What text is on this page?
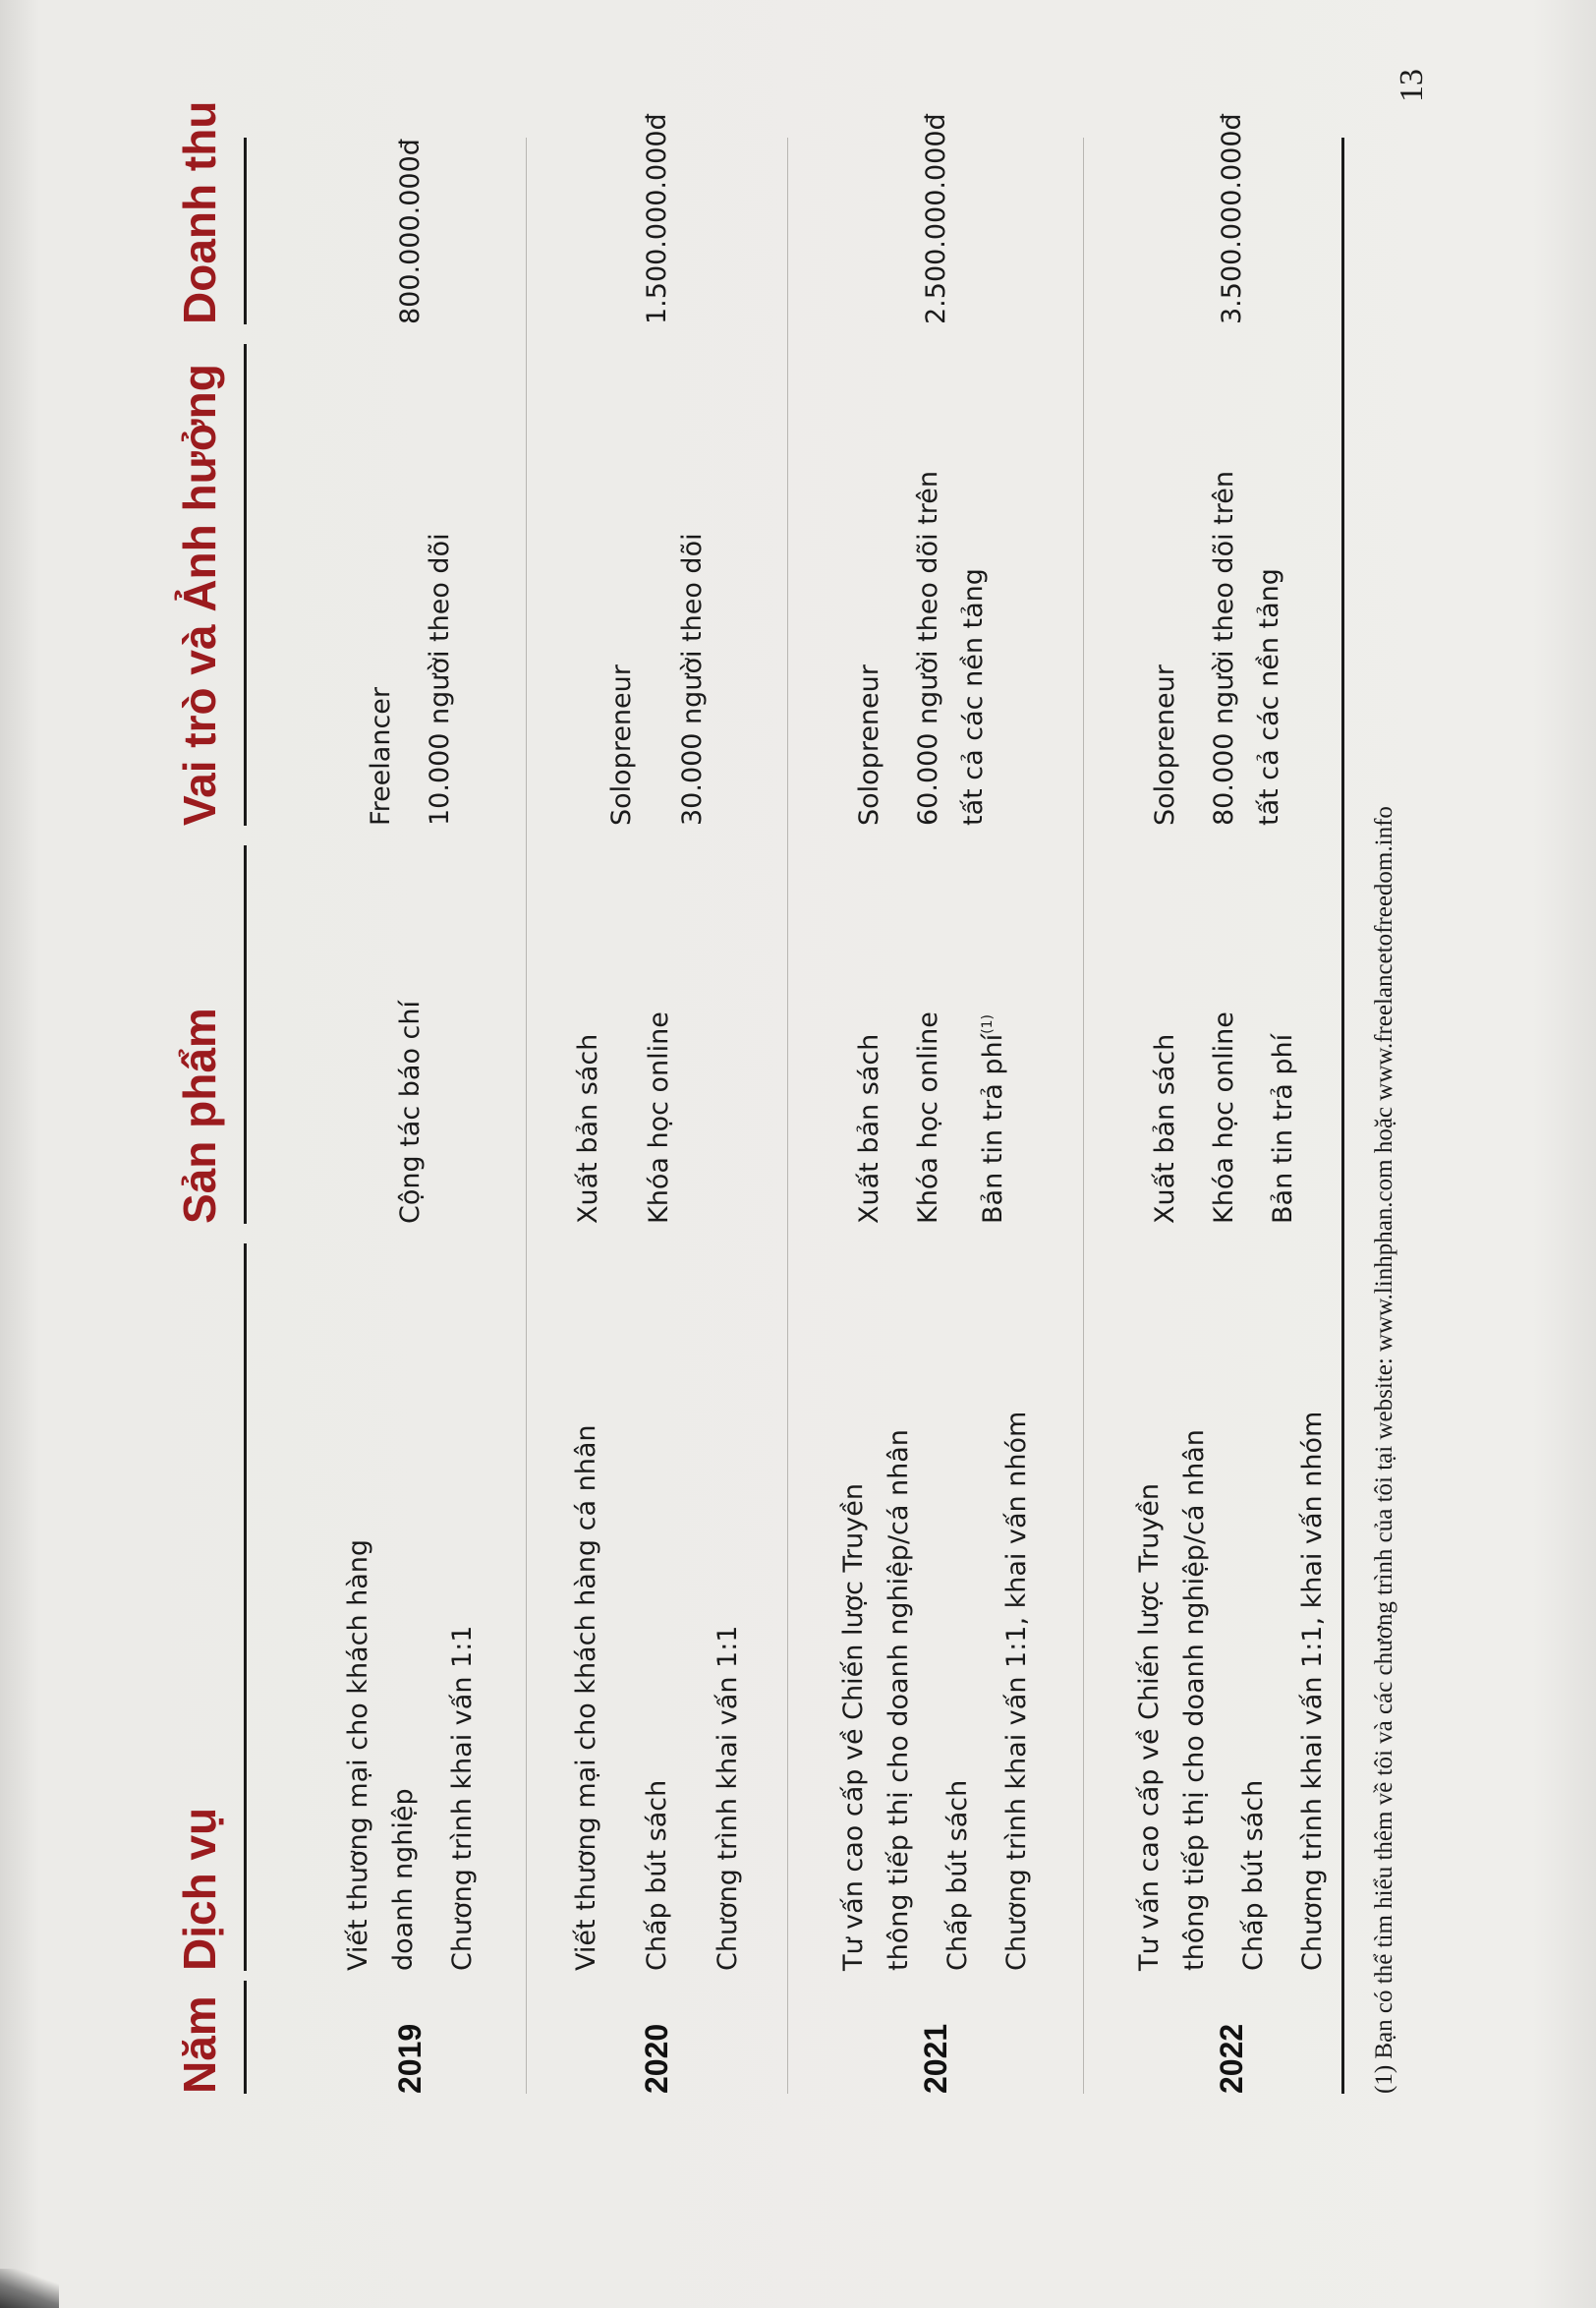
Năm
Dịch vụ
Sản phẩm
Vai trò và Ảnh hưởng
Doanh thu
2019
Viết thương mại cho khách hàng doanh nghiệp Chương trình khai vấn 1:1
Cộng tác báo chí
Freelancer 10.000 người theo dõi
800.000.000đ
2020
Viết thương mại cho khách hàng cá nhân Chấp bút sách Chương trình khai vấn 1:1
Xuất bản sách Khóa học online
Solopreneur 30.000 người theo dõi
1.500.000.000đ
2021
Tư vấn cao cấp về Chiến lược Truyền thông tiếp thị cho doanh nghiệp/cá nhân Chấp bút sách Chương trình khai vấn 1:1, khai vấn nhóm
Xuất bản sách Khóa học online	Bản tin trả phí$^{(1)}$
Solopreneur 60.000 người theo dõi trên tất cả các nền tảng
2.500.000.000đ
2022
Tư vấn cao cấp về Chiến lược Truyền thông tiếp thị cho doanh nghiệp/cá nhân Chấp bút sách Chương trình khai vấn 1:1, khai vấn nhóm
Xuất bản sách Khóa học online Bản tin trả phí
Solopreneur 80.000 người theo dõi trên tất cả các nền tảng
3.500.000.000đ
(1) Bạn có thể tìm hiểu thêm về tôi và các chương trình của tôi tại website: www.linhphan.com hoặc www.freelancetofreedom.info
13
